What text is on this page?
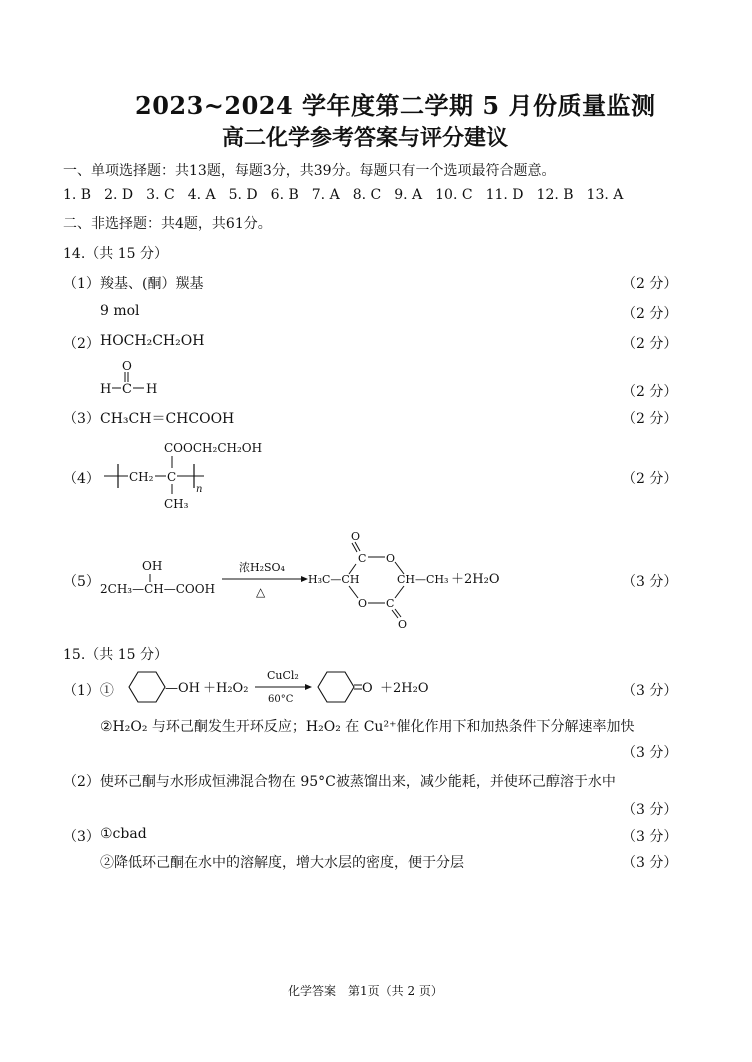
2023~2024 学年度第二学期 5 月份质量监测
高二化学参考答案与评分建议
一、单项选择题：共13题，每题3分，共39分。每题只有一个选项最符合题意。
1. B 2. D 3. C 4. A 5. D 6. B 7. A 8. C 9. A 10. C 11. D 12. B 13. A
二、非选择题：共4题，共61分。
14.（共 15 分）
（1） 羧基、(酮）羰基	（2 分）
9 mol	（2 分）
（2） HOCH₂CH₂OH	（2 分）
O
H C H	（2 分）
（3） CH₃CH＝CHCOOH	（2 分）
（4）
COOCH₂CH₂OH
CH₂ C
CH₃
n
（2 分）
（5）
OH
2CH₃—CH—COOH
浓H₂SO₄
△
O
C O
H₃C—CH	CH—CH₃
O C
O
＋2H₂O	（3 分）
15.（共 15 分）
（1）①	—OH ＋H₂O₂
CuCl₂
60°C
O ＋2H₂O	（3 分）
②H₂O₂ 与环己酮发生开环反应；H₂O₂ 在 Cu²⁺催化作用下和加热条件下分解速率加快
（3 分）
（2）使环己酮与水形成恒沸混合物在 95°C被蒸馏出来，减少能耗，并使环己醇溶于水中
（3 分）
（3） ①cbad	（3 分）
②降低环己酮在水中的溶解度，增大水层的密度，便于分层	（3 分）
化学答案　第1页（共 2 页）
